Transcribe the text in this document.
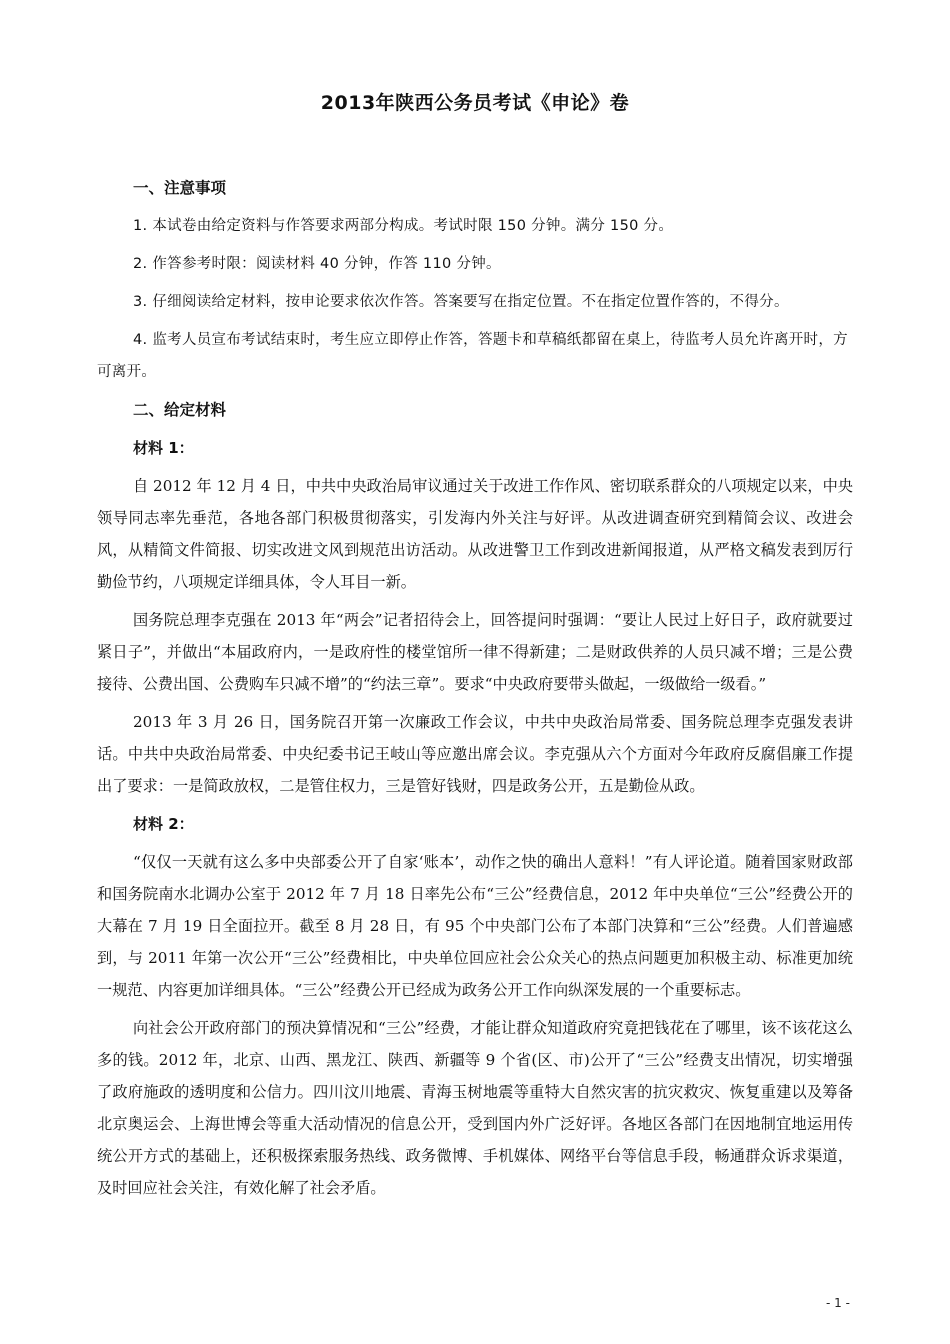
2013年陕西公务员考试《申论》卷
一、注意事项
1. 本试卷由给定资料与作答要求两部分构成。考试时限 150 分钟。满分 150 分。
2. 作答参考时限：阅读材料 40 分钟，作答 110 分钟。
3. 仔细阅读给定材料，按申论要求依次作答。答案要写在指定位置。不在指定位置作答的，不得分。
4. 监考人员宣布考试结束时，考生应立即停止作答，答题卡和草稿纸都留在桌上，待监考人员允许离开时，方可离开。
二、给定材料
材料 1：

自 2012 年 12 月 4 日，中共中央政治局审议通过关于改进工作作风、密切联系群众的八项规定以来，中央领导同志率先垂范，各地各部门积极贯彻落实，引发海内外关注与好评。从改进调查研究到精简会议、改进会风，从精简文件简报、切实改进文风到规范出访活动。从改进警卫工作到改进新闻报道，从严格文稿发表到厉行勤俭节约，八项规定详细具体，令人耳目一新。

国务院总理李克强在 2013 年“两会”记者招待会上，回答提问时强调：“要让人民过上好日子，政府就要过紧日子”，并做出“本届政府内，一是政府性的楼堂馆所一律不得新建；二是财政供养的人员只减不增；三是公费接待、公费出国、公费购车只减不增”的“约法三章”。要求“中央政府要带头做起，一级做给一级看。”

2013 年 3 月 26 日，国务院召开第一次廉政工作会议，中共中央政治局常委、国务院总理李克强发表讲话。中共中央政治局常委、中央纪委书记王岐山等应邀出席会议。李克强从六个方面对今年政府反腐倡廉工作提出了要求：一是简政放权，二是管住权力，三是管好钱财，四是政务公开，五是勤俭从政。

材料 2：

“仅仅一天就有这么多中央部委公开了自家‘账本’，动作之快的确出人意料！”有人评论道。随着国家财政部和国务院南水北调办公室于 2012 年 7 月 18 日率先公布“三公”经费信息，2012 年中央单位“三公”经费公开的大幕在 7 月 19 日全面拉开。截至 8 月 28 日，有 95 个中央部门公布了本部门决算和“三公”经费。人们普遍感到，与 2011 年第一次公开“三公”经费相比，中央单位回应社会公众关心的热点问题更加积极主动、标准更加统一规范、内容更加详细具体。“三公”经费公开已经成为政务公开工作向纵深发展的一个重要标志。

向社会公开政府部门的预决算情况和“三公”经费，才能让群众知道政府究竟把钱花在了哪里，该不该花这么多的钱。2012 年，北京、山西、黑龙江、陕西、新疆等 9 个省(区、市)公开了“三公”经费支出情况，切实增强了政府施政的透明度和公信力。四川汶川地震、青海玉树地震等重特大自然灾害的抗灾救灾、恢复重建以及筹备北京奥运会、上海世博会等重大活动情况的信息公开，受到国内外广泛好评。各地区各部门在因地制宜地运用传统公开方式的基础上，还积极探索服务热线、政务微博、手机媒体、网络平台等信息手段，畅通群众诉求渠道，及时回应社会关注，有效化解了社会矛盾。

- 1 -
